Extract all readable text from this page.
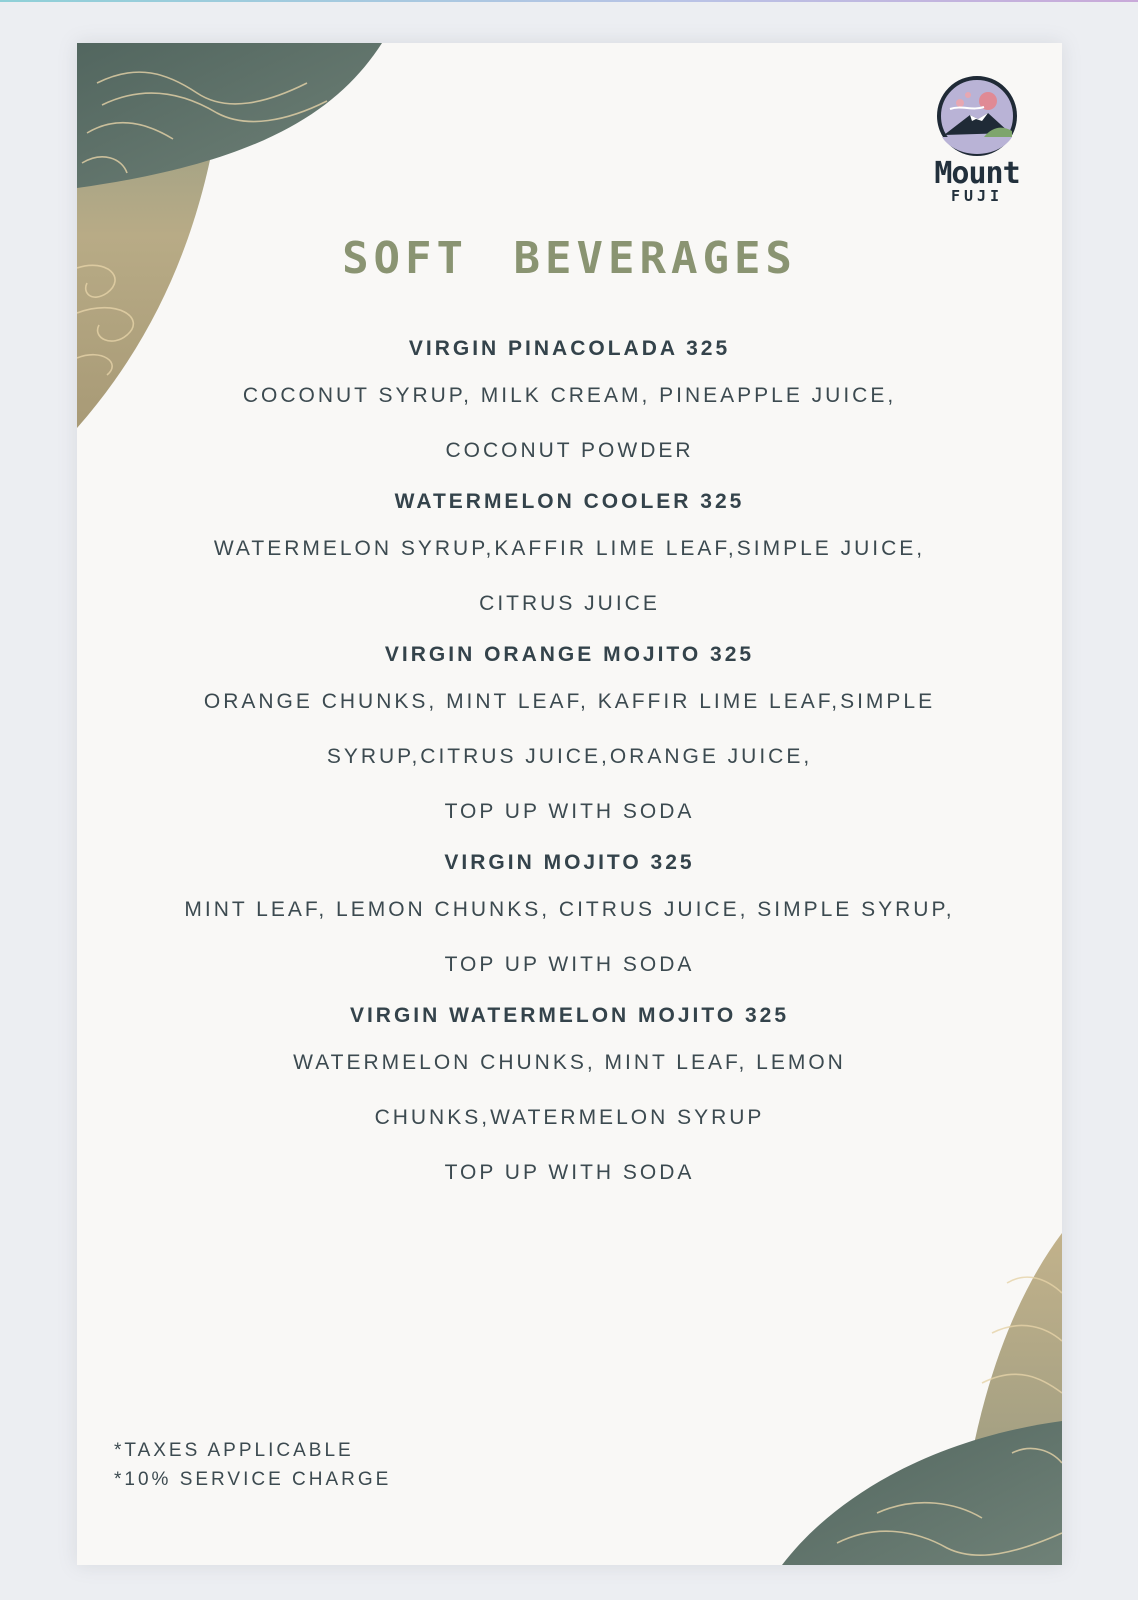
Mount
FUJI
SOFT BEVERAGES
VIRGIN PINACOLADA 325
COCONUT SYRUP, MILK CREAM, PINEAPPLE JUICE,
COCONUT POWDER
WATERMELON COOLER 325
WATERMELON SYRUP,KAFFIR LIME LEAF,SIMPLE JUICE,
CITRUS JUICE
VIRGIN ORANGE MOJITO 325
ORANGE CHUNKS, MINT LEAF, KAFFIR LIME LEAF,SIMPLE
SYRUP,CITRUS JUICE,ORANGE JUICE,
TOP UP WITH SODA
VIRGIN MOJITO 325
MINT LEAF, LEMON CHUNKS, CITRUS JUICE, SIMPLE SYRUP,
TOP UP WITH SODA
VIRGIN WATERMELON MOJITO 325
WATERMELON CHUNKS, MINT LEAF, LEMON
CHUNKS,WATERMELON SYRUP
TOP UP WITH SODA
*TAXES APPLICABLE
*10% SERVICE CHARGE
